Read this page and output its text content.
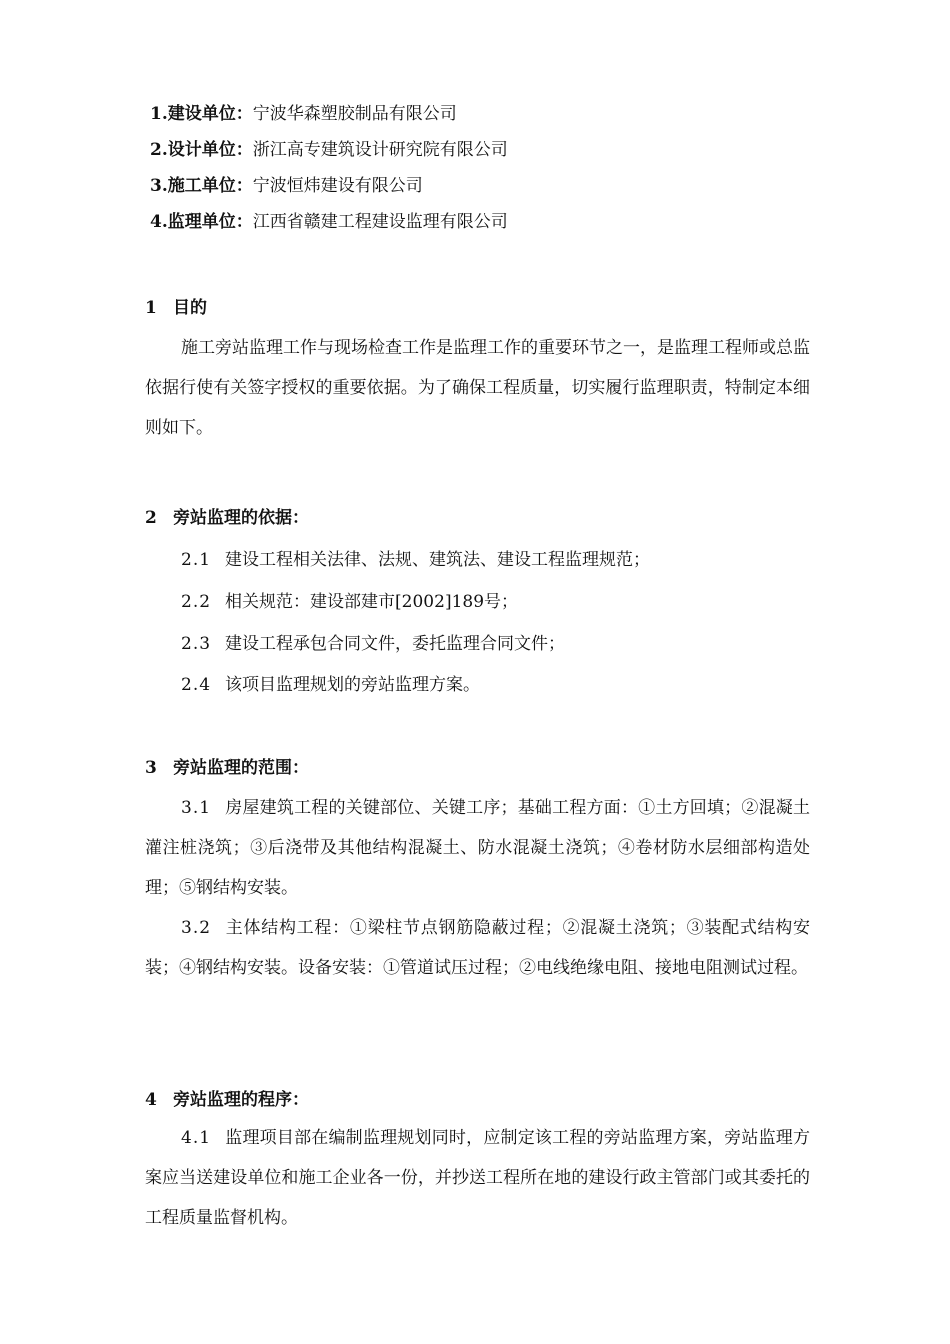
1.建设单位：宁波华森塑胶制品有限公司
2.设计单位：浙江高专建筑设计研究院有限公司
3.施工单位：宁波恒炜建设有限公司
4.监理单位：江西省赣建工程建设监理有限公司
1 目的
施工旁站监理工作与现场检查工作是监理工作的重要环节之一，是监理工程师或总监依据行使有关签字授权的重要依据。为了确保工程质量，切实履行监理职责，特制定本细则如下。
2 旁站监理的依据：
2.1 建设工程相关法律、法规、建筑法、建设工程监理规范；
2.2 相关规范：建设部建市[2002]189号；
2.3 建设工程承包合同文件，委托监理合同文件；
2.4 该项目监理规划的旁站监理方案。
3 旁站监理的范围：
3.1 房屋建筑工程的关键部位、关键工序；基础工程方面：①土方回填；②混凝土灌注桩浇筑；③后浇带及其他结构混凝土、防水混凝土浇筑；④卷材防水层细部构造处理；⑤钢结构安装。
3.2 主体结构工程：①梁柱节点钢筋隐蔽过程；②混凝土浇筑；③装配式结构安装；④钢结构安装。设备安装：①管道试压过程；②电线绝缘电阻、接地电阻测试过程。
4 旁站监理的程序：
4.1 监理项目部在编制监理规划同时，应制定该工程的旁站监理方案，旁站监理方案应当送建设单位和施工企业各一份，并抄送工程所在地的建设行政主管部门或其委托的工程质量监督机构。
